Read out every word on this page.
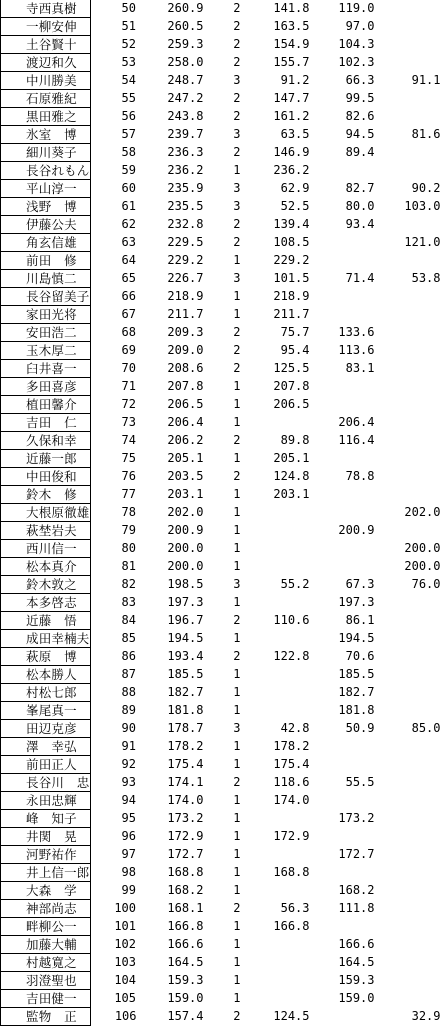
寺西真樹	50	260.9	2	141.8	119.0	
一柳安伸	51	260.5	2	163.5	97.0	
土谷賢十	52	259.3	2	154.9	104.3	
渡辺和久	53	258.0	2	155.7	102.3	
中川勝美	54	248.7	3	91.2	66.3	91.1
石原雅紀	55	247.2	2	147.7	99.5	
黒田雅之	56	243.8	2	161.2	82.6	
氷室　博	57	239.7	3	63.5	94.5	81.6
細川葵子	58	236.3	2	146.9	89.4	
長谷れもん	59	236.2	1	236.2		
平山淳一	60	235.9	3	62.9	82.7	90.2
浅野　博	61	235.5	3	52.5	80.0	103.0
伊藤公夫	62	232.8	2	139.4	93.4	
角玄信雄	63	229.5	2	108.5		121.0
前田　修	64	229.2	1	229.2		
川島慎二	65	226.7	3	101.5	71.4	53.8
長谷留美子	66	218.9	1	218.9		
家田光将	67	211.7	1	211.7		
安田浩二	68	209.3	2	75.7	133.6	
玉木厚二	69	209.0	2	95.4	113.6	
臼井喜一	70	208.6	2	125.5	83.1	
多田喜彦	71	207.8	1	207.8		
植田馨介	72	206.5	1	206.5		
吉田　仁	73	206.4	1		206.4	
久保和幸	74	206.2	2	89.8	116.4	
近藤一郎	75	205.1	1	205.1		
中田俊和	76	203.5	2	124.8	78.8	
鈴木　修	77	203.1	1	203.1		
大根原徹雄	78	202.0	1			202.0
萩埜岩夫	79	200.9	1		200.9	
西川信一	80	200.0	1			200.0
松本真介	81	200.0	1			200.0
鈴木敦之	82	198.5	3	55.2	67.3	76.0
本多啓志	83	197.3	1		197.3	
近藤　悟	84	196.7	2	110.6	86.1	
成田幸楠夫	85	194.5	1		194.5	
萩原　博	86	193.4	2	122.8	70.6	
松本勝人	87	185.5	1		185.5	
村松七郎	88	182.7	1		182.7	
峯尾真一	89	181.8	1		181.8	
田辺克彦	90	178.7	3	42.8	50.9	85.0
澤　幸弘	91	178.2	1	178.2		
前田正人	92	175.4	1	175.4		
長谷川　忠	93	174.1	2	118.6	55.5	
永田忠輝	94	174.0	1	174.0		
峰　知子	95	173.2	1		173.2	
井関　晃	96	172.9	1	172.9		
河野祐作	97	172.7	1		172.7	
井上信一郎	98	168.8	1	168.8		
大森　学	99	168.2	1		168.2	
神部尚志	100	168.1	2	56.3	111.8	
畔柳公一	101	166.8	1	166.8		
加藤大輔	102	166.6	1		166.6	
村越寛之	103	164.5	1		164.5	
羽澄聖也	104	159.3	1		159.3	
吉田健一	105	159.0	1		159.0	
監物　正	106	157.4	2	124.5		32.9
